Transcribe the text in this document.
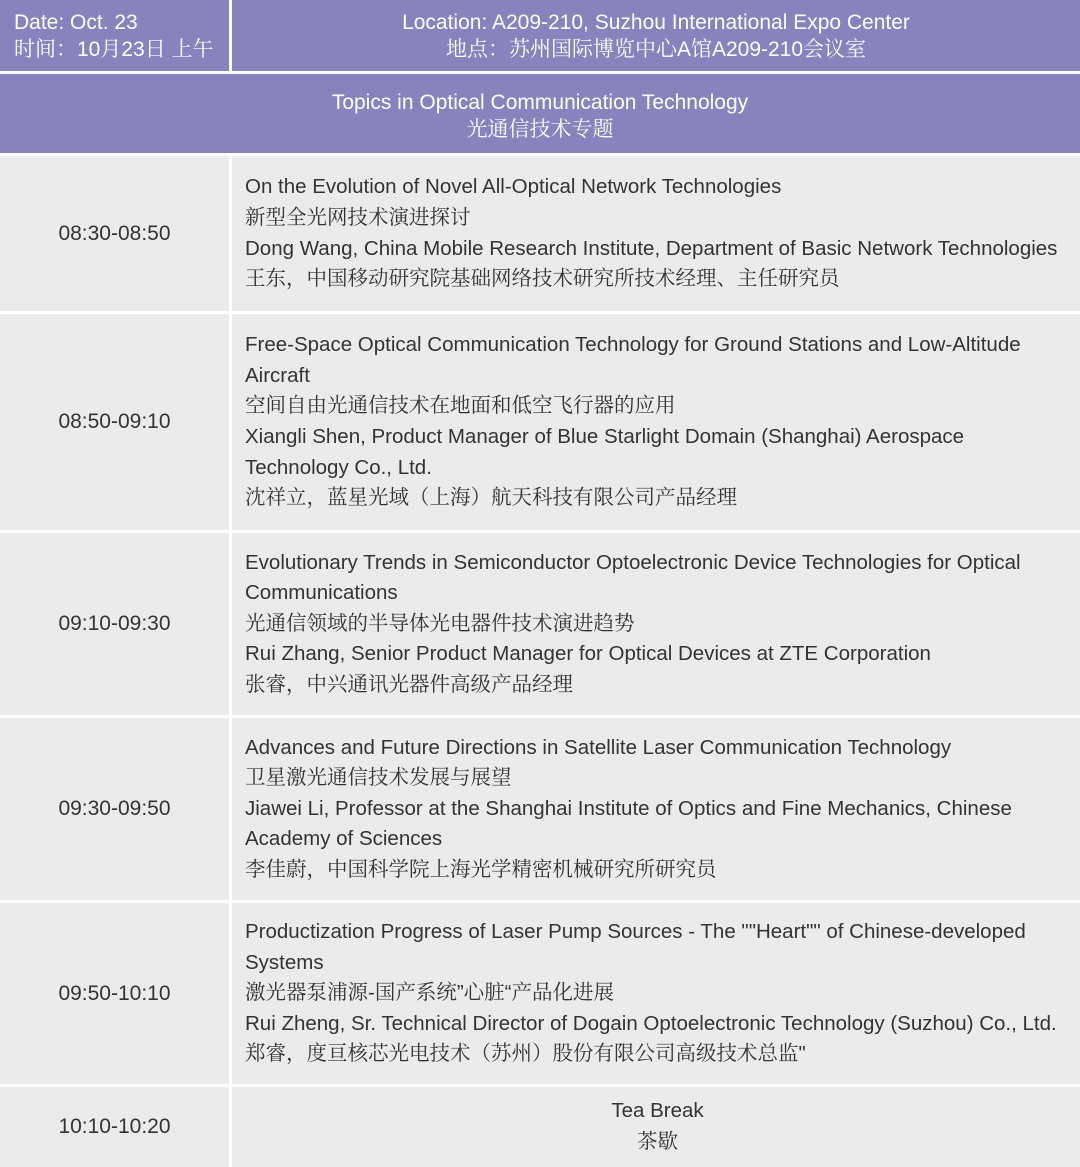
Date: Oct. 23
时间：10月23日 上午
Location: A209-210, Suzhou International Expo Center
地点：苏州国际博览中心A馆A209-210会议室
Topics in Optical Communication Technology
光通信技术专题
08:30-08:50
On the Evolution of Novel All-Optical Network Technologies
新型全光网技术演进探讨
Dong Wang, China Mobile Research Institute, Department of Basic Network Technologies
王东，中国移动研究院基础网络技术研究所技术经理、主任研究员
08:50-09:10
Free-Space Optical Communication Technology for Ground Stations and Low-Altitude Aircraft
空间自由光通信技术在地面和低空飞行器的应用
Xiangli Shen, Product Manager of Blue Starlight Domain (Shanghai) Aerospace Technology Co., Ltd.
沈祥立，蓝星光域（上海）航天科技有限公司产品经理
09:10-09:30
Evolutionary Trends in Semiconductor Optoelectronic Device Technologies for Optical Communications
光通信领域的半导体光电器件技术演进趋势
Rui Zhang, Senior Product Manager for Optical Devices at ZTE Corporation
张睿，中兴通讯光器件高级产品经理
09:30-09:50
Advances and Future Directions in Satellite Laser Communication Technology
卫星激光通信技术发展与展望
Jiawei Li, Professor at the Shanghai Institute of Optics and Fine Mechanics, Chinese Academy of Sciences
李佳蔚，中国科学院上海光学精密机械研究所研究员
09:50-10:10
Productization Progress of Laser Pump Sources - The ""Heart"" of Chinese-developed Systems
激光器泵浦源-国产系统”心脏“产品化进展
Rui Zheng, Sr. Technical Director of Dogain Optoelectronic Technology (Suzhou) Co., Ltd.
郑睿，度亘核芯光电技术（苏州）股份有限公司高级技术总监"
10:10-10:20
Tea Break
茶歇
